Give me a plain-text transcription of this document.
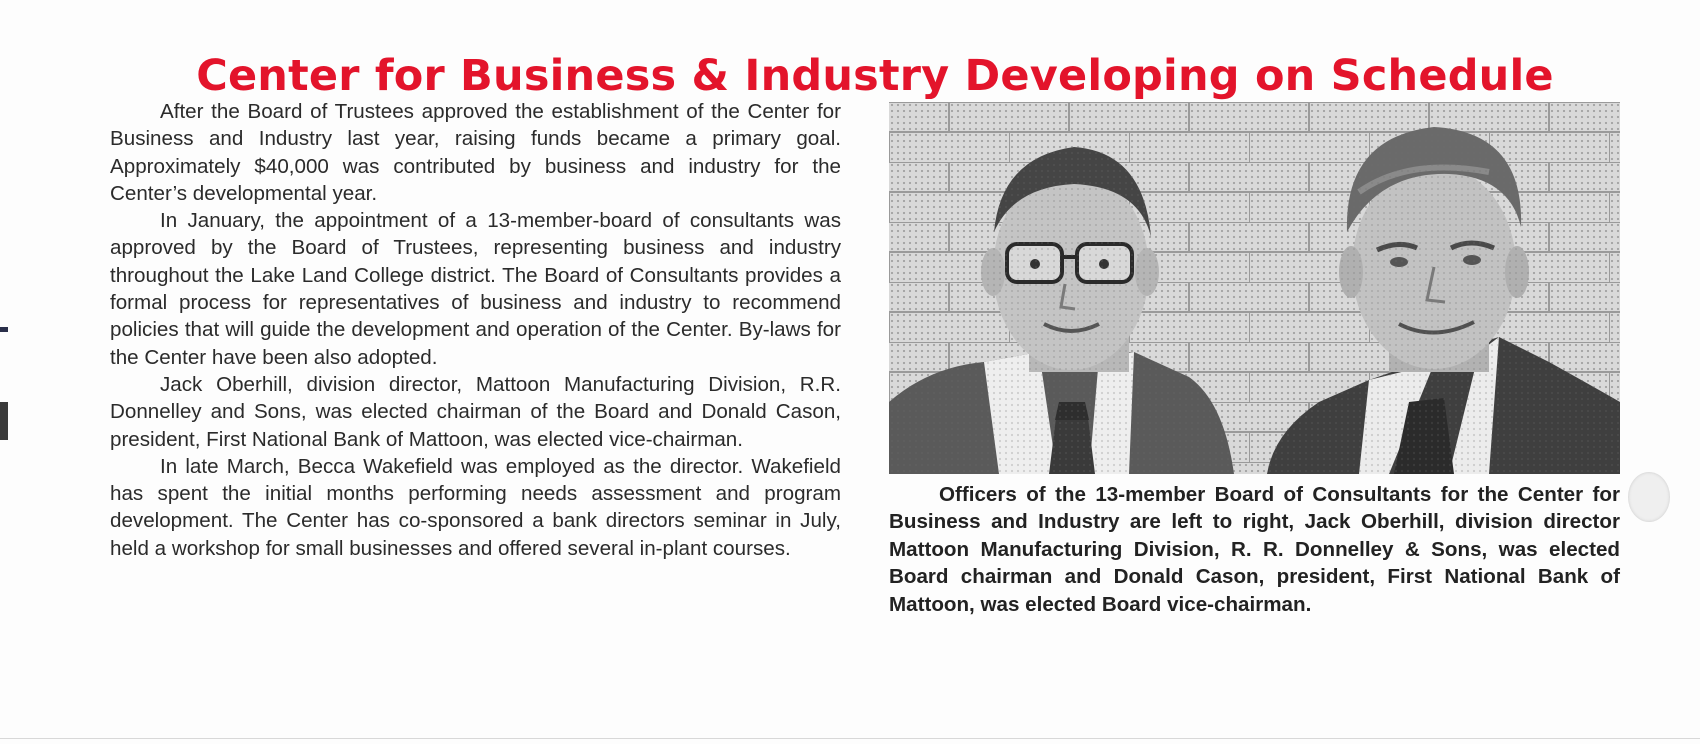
Center for Business & Industry Developing on Schedule

After the Board of Trustees approved the establishment of the Center for Business and Industry last year, raising funds became a primary goal. Approximately $40,000 was contributed by business and industry for the Center’s developmental year.

In January, the appointment of a 13-member-board of consultants was approved by the Board of Trustees, representing business and industry throughout the Lake Land College district. The Board of Consultants provides a formal process for representatives of business and industry to recommend policies that will guide the development and operation of the Center. By-laws for the Center have been also adopted.

Jack Oberhill, division director, Mattoon Manufacturing Division, R.R. Donnelley and Sons, was elected chairman of the Board and Donald Cason, president, First National Bank of Mattoon, was elected vice-chairman.

In late March, Becca Wakefield was employed as the director. Wakefield has spent the initial months performing needs assessment and program development. The Center has co-sponsored a bank directors seminar in July, held a workshop for small businesses and offered several in-plant courses.

Officers of the 13-member Board of Consultants for the Center for Business and Industry are left to right, Jack Oberhill, division director Mattoon Manufacturing Division, R. R. Donnelley & Sons, was elected Board chairman and Donald Cason, president, First National Bank of Mattoon, was elected Board vice-chairman.
